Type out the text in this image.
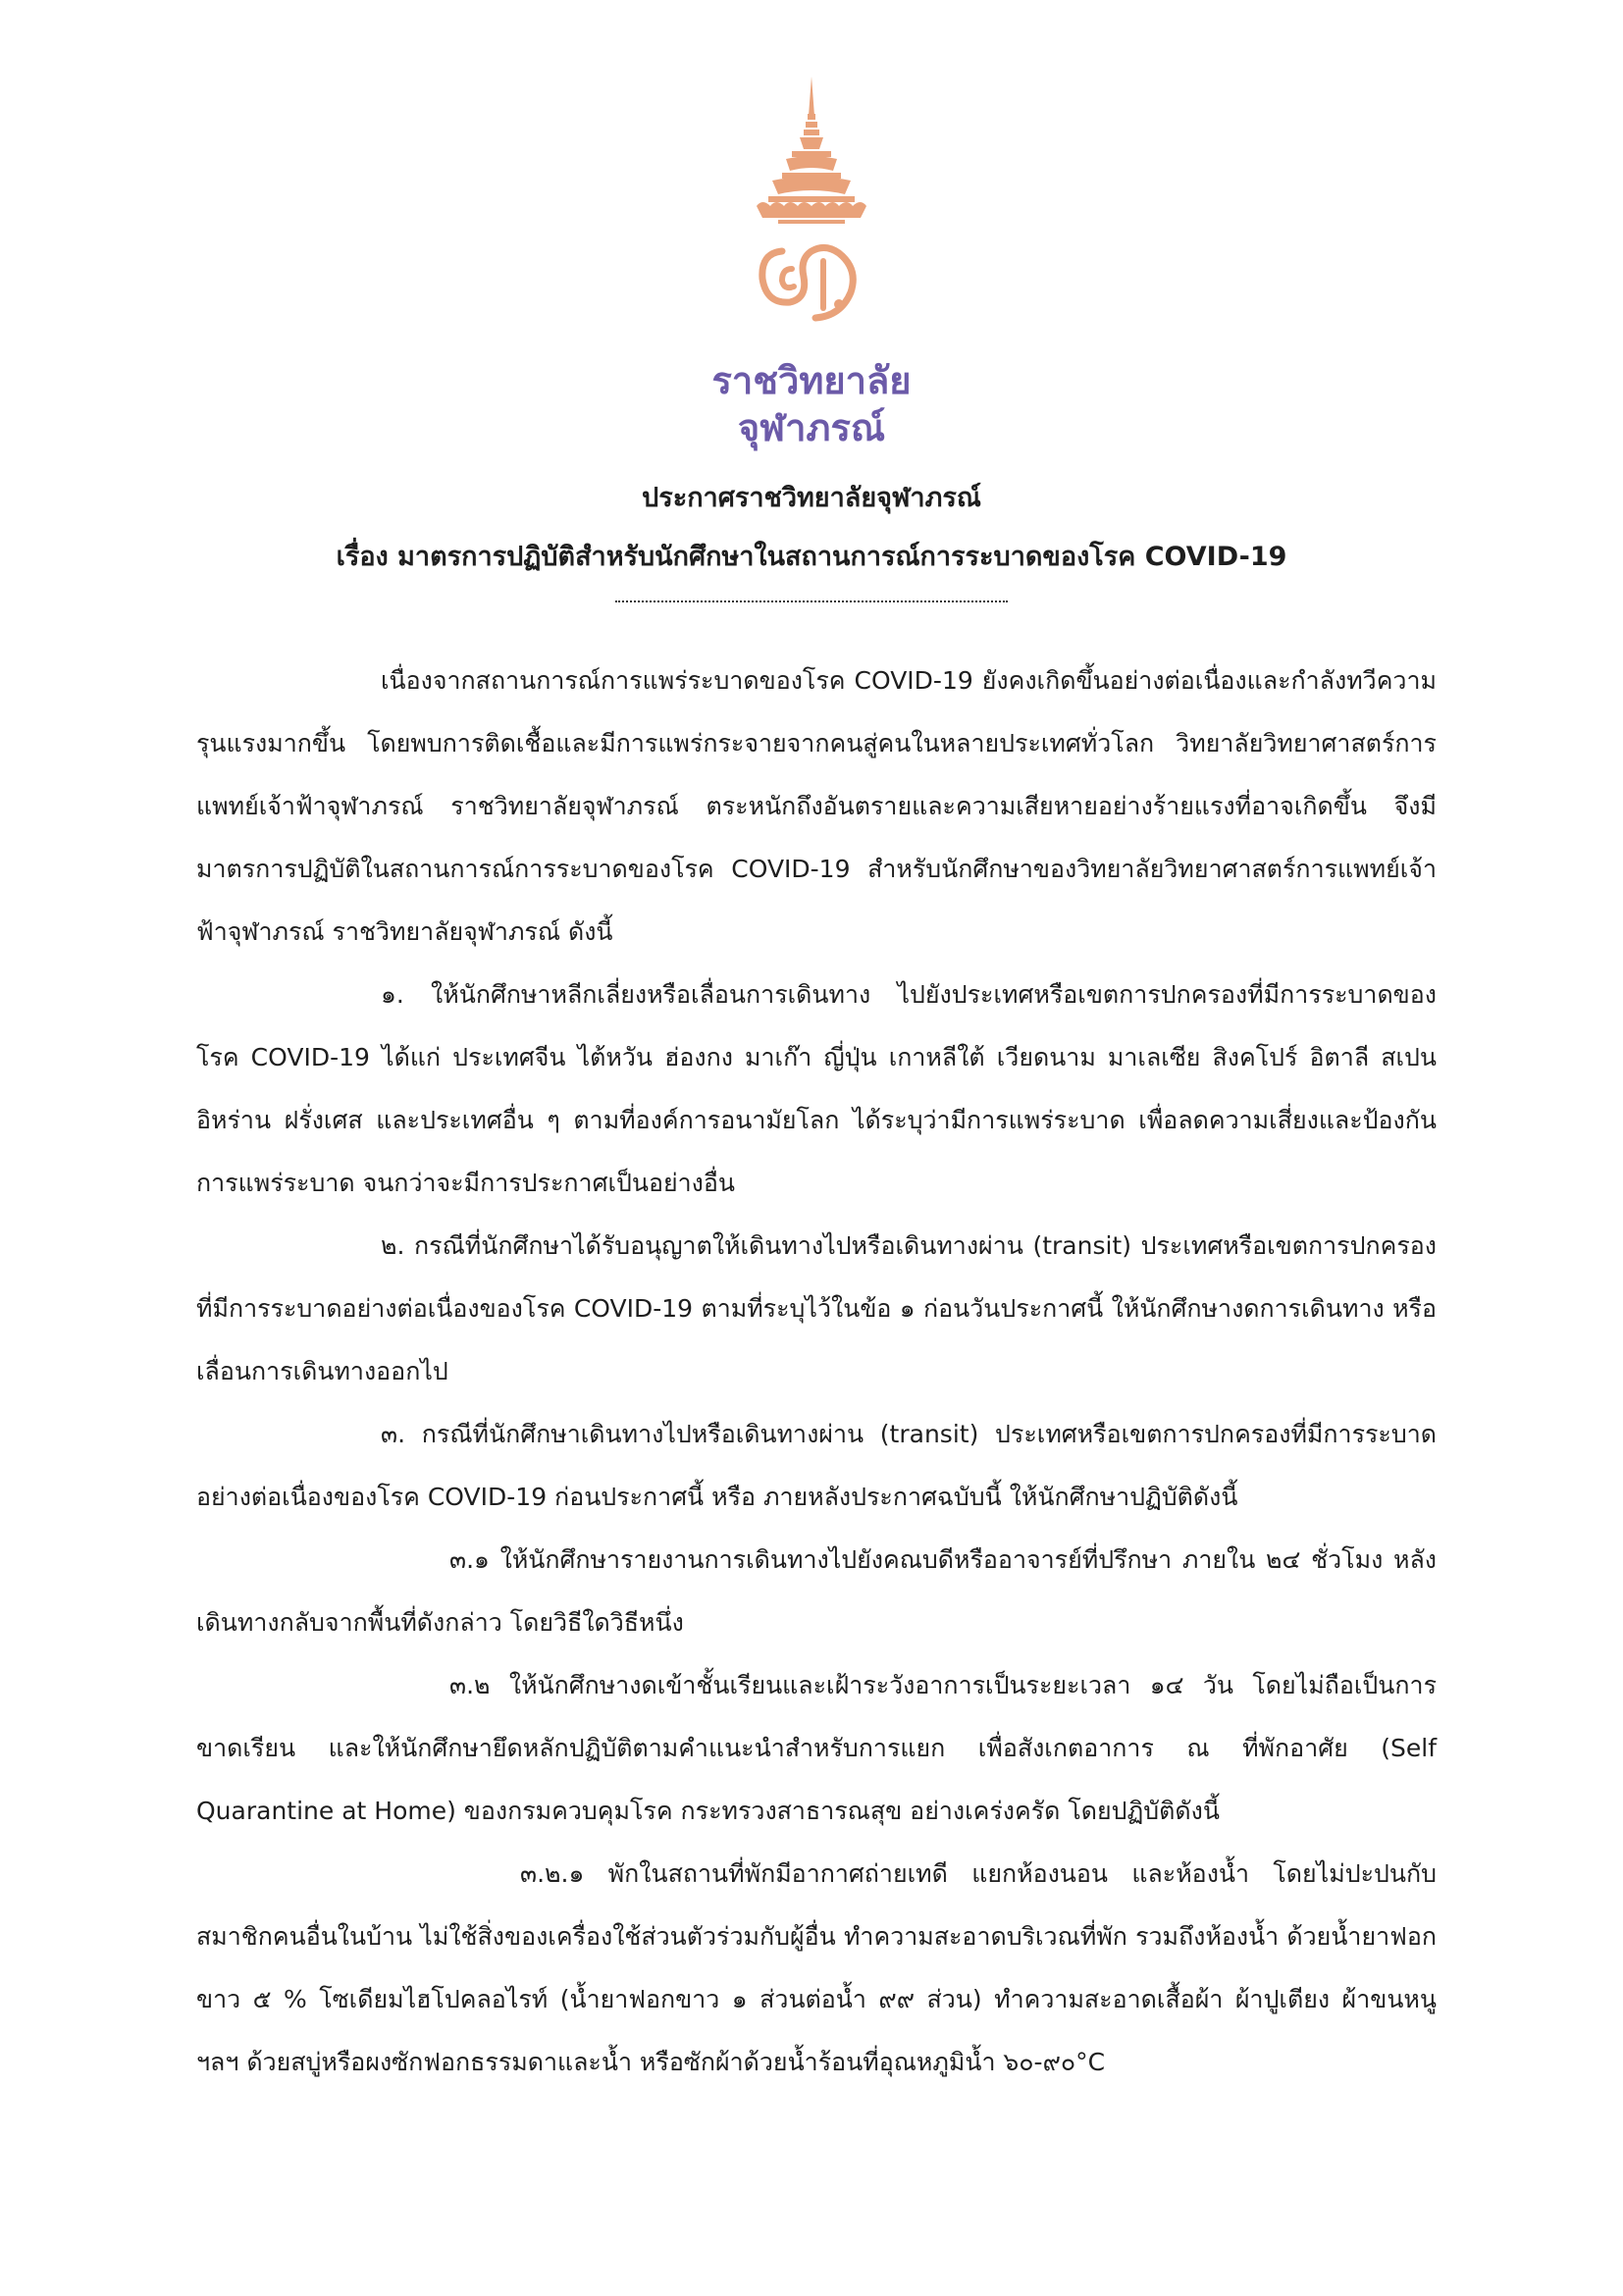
ราชวิทยาลัย
จุฬาภรณ์
ประกาศราชวิทยาลัยจุฬาภรณ์
เรื่อง มาตรการปฏิบัติสำหรับนักศึกษาในสถานการณ์การระบาดของโรค COVID-19

เนื่องจากสถานการณ์การแพร่ระบาดของโรค COVID-19 ยังคงเกิดขึ้นอย่างต่อเนื่องและกำลังทวีความรุนแรงมากขึ้น โดยพบการติดเชื้อและมีการแพร่กระจายจากคนสู่คนในหลายประเทศทั่วโลก วิทยาลัยวิทยาศาสตร์การแพทย์เจ้าฟ้าจุฬาภรณ์ ราชวิทยาลัยจุฬาภรณ์ ตระหนักถึงอันตรายและความเสียหายอย่างร้ายแรงที่อาจเกิดขึ้น จึงมีมาตรการปฏิบัติในสถานการณ์การระบาดของโรค COVID-19 สำหรับนักศึกษาของวิทยาลัยวิทยาศาสตร์การแพทย์เจ้าฟ้าจุฬาภรณ์ ราชวิทยาลัยจุฬาภรณ์ ดังนี้

๑. ให้นักศึกษาหลีกเลี่ยงหรือเลื่อนการเดินทาง ไปยังประเทศหรือเขตการปกครองที่มีการระบาดของโรค COVID-19 ได้แก่ ประเทศจีน ไต้หวัน ฮ่องกง มาเก๊า ญี่ปุ่น เกาหลีใต้ เวียดนาม มาเลเซีย สิงคโปร์ อิตาลี สเปน อิหร่าน ฝรั่งเศส และประเทศอื่น ๆ ตามที่องค์การอนามัยโลก ได้ระบุว่ามีการแพร่ระบาด เพื่อลดความเสี่ยงและป้องกันการแพร่ระบาด จนกว่าจะมีการประกาศเป็นอย่างอื่น

๒. กรณีที่นักศึกษาได้รับอนุญาตให้เดินทางไปหรือเดินทางผ่าน (transit) ประเทศหรือเขตการปกครองที่มีการระบาดอย่างต่อเนื่องของโรค COVID-19 ตามที่ระบุไว้ในข้อ ๑ ก่อนวันประกาศนี้ ให้นักศึกษางดการเดินทาง หรือเลื่อนการเดินทางออกไป

๓. กรณีที่นักศึกษาเดินทางไปหรือเดินทางผ่าน (transit) ประเทศหรือเขตการปกครองที่มีการระบาดอย่างต่อเนื่องของโรค COVID-19 ก่อนประกาศนี้ หรือ ภายหลังประกาศฉบับนี้ ให้นักศึกษาปฏิบัติดังนี้

๓.๑ ให้นักศึกษารายงานการเดินทางไปยังคณบดีหรืออาจารย์ที่ปรึกษา ภายใน ๒๔ ชั่วโมง หลังเดินทางกลับจากพื้นที่ดังกล่าว โดยวิธีใดวิธีหนึ่ง

๓.๒ ให้นักศึกษางดเข้าชั้นเรียนและเฝ้าระวังอาการเป็นระยะเวลา ๑๔ วัน โดยไม่ถือเป็นการขาดเรียน และให้นักศึกษายึดหลักปฏิบัติตามคำแนะนำสำหรับการแยก เพื่อสังเกตอาการ ณ ที่พักอาศัย (Self Quarantine at Home) ของกรมควบคุมโรค กระทรวงสาธารณสุข อย่างเคร่งครัด โดยปฏิบัติดังนี้

๓.๒.๑ พักในสถานที่พักมีอากาศถ่ายเทดี แยกห้องนอน และห้องน้ำ โดยไม่ปะปนกับสมาชิกคนอื่นในบ้าน ไม่ใช้สิ่งของเครื่องใช้ส่วนตัวร่วมกับผู้อื่น ทำความสะอาดบริเวณที่พัก รวมถึงห้องน้ำ ด้วยน้ำยาฟอกขาว ๕ % โซเดียมไฮโปคลอไรท์ (น้ำยาฟอกขาว ๑ ส่วนต่อน้ำ ๙๙ ส่วน) ทำความสะอาดเสื้อผ้า ผ้าปูเตียง ผ้าขนหนู ฯลฯ ด้วยสบู่หรือผงซักฟอกธรรมดาและน้ำ หรือซักผ้าด้วยน้ำร้อนที่อุณหภูมิน้ำ ๖๐-๙๐°C
